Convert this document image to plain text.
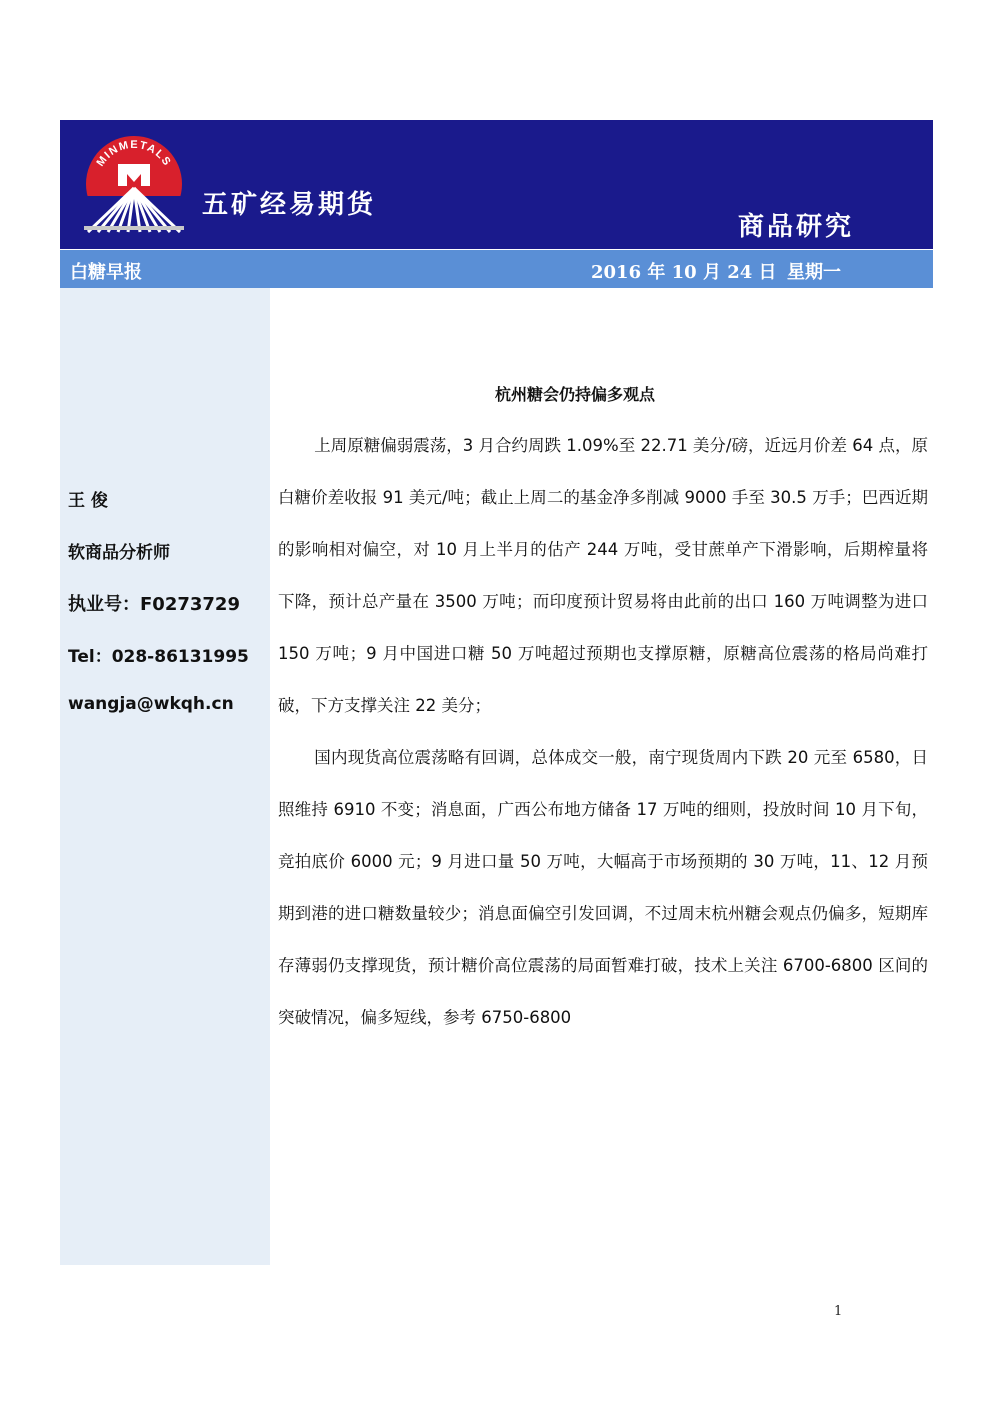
MINMETALS
五矿经易期货
商品研究
白糖早报	2016 年 10 月 24 日 星期一
王 俊
软商品分析师
执业号：F0273729
Tel：028-86131995
wangja@wkqh.cn
杭州糖会仍持偏多观点

上周原糖偏弱震荡，3 月合约周跌 1.09%至 22.71 美分/磅，近远月价差 64 点，原白糖价差收报 91 美元/吨；截止上周二的基金净多削减 9000 手至 30.5 万手；巴西近期的影响相对偏空，对 10 月上半月的估产 244 万吨，受甘蔗单产下滑影响，后期榨量将下降，预计总产量在 3500 万吨；而印度预计贸易将由此前的出口 160 万吨调整为进口 150 万吨；9 月中国进口糖 50 万吨超过预期也支撑原糖，原糖高位震荡的格局尚难打破，下方支撑关注 22 美分；

国内现货高位震荡略有回调，总体成交一般，南宁现货周内下跌 20 元至 6580，日照维持 6910 不变；消息面，广西公布地方储备 17 万吨的细则，投放时间 10 月下旬，竞拍底价 6000 元；9 月进口量 50 万吨，大幅高于市场预期的 30 万吨，11、12 月预期到港的进口糖数量较少；消息面偏空引发回调，不过周末杭州糖会观点仍偏多，短期库存薄弱仍支撑现货，预计糖价高位震荡的局面暂难打破，技术上关注 6700-6800 区间的突破情况，偏多短线，参考 6750-6800

1
